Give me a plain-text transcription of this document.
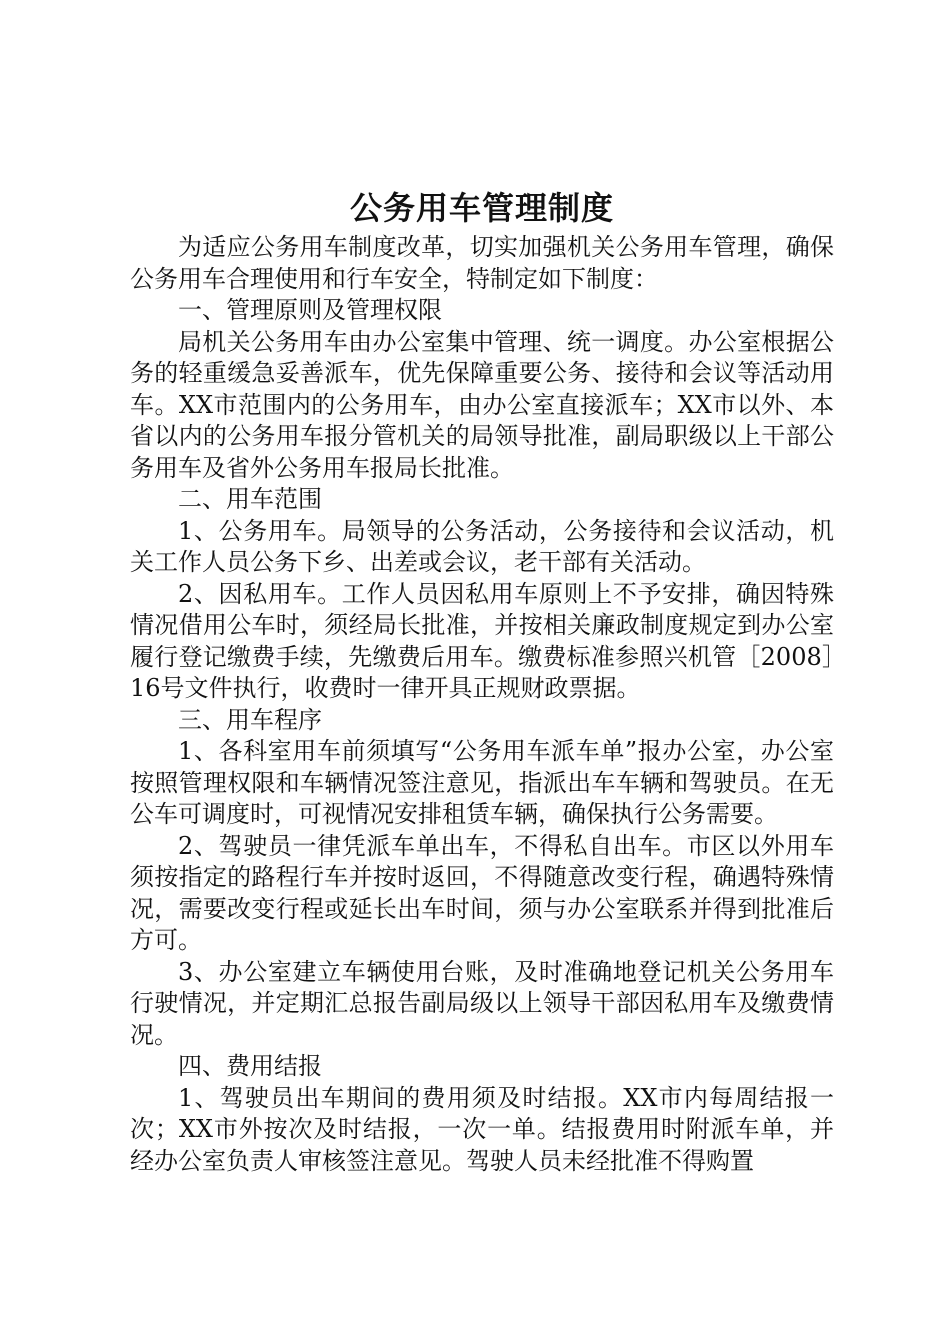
公务用车管理制度

为适应公务用车制度改革，切实加强机关公务用车管理，确保公务用车合理使用和行车安全，特制定如下制度：

一、管理原则及管理权限

局机关公务用车由办公室集中管理、统一调度。办公室根据公务的轻重缓急妥善派车，优先保障重要公务、接待和会议等活动用车。XX市范围内的公务用车，由办公室直接派车；XX市以外、本省以内的公务用车报分管机关的局领导批准，副局职级以上干部公务用车及省外公务用车报局长批准。

二、用车范围

1、公务用车。局领导的公务活动，公务接待和会议活动，机关工作人员公务下乡、出差或会议，老干部有关活动。

2、因私用车。工作人员因私用车原则上不予安排，确因特殊情况借用公车时，须经局长批准，并按相关廉政制度规定到办公室履行登记缴费手续，先缴费后用车。缴费标准参照兴机管［2008］16号文件执行，收费时一律开具正规财政票据。

三、用车程序

1、各科室用车前须填写“公务用车派车单”报办公室，办公室按照管理权限和车辆情况签注意见，指派出车车辆和驾驶员。在无公车可调度时，可视情况安排租赁车辆，确保执行公务需要。

2、驾驶员一律凭派车单出车，不得私自出车。市区以外用车须按指定的路程行车并按时返回，不得随意改变行程，确遇特殊情况，需要改变行程或延长出车时间，须与办公室联系并得到批准后方可。

3、办公室建立车辆使用台账，及时准确地登记机关公务用车行驶情况，并定期汇总报告副局级以上领导干部因私用车及缴费情况。

四、费用结报

1、驾驶员出车期间的费用须及时结报。XX市内每周结报一次；XX市外按次及时结报，一次一单。结报费用时附派车单，并经办公室负责人审核签注意见。驾驶人员未经批准不得购置
